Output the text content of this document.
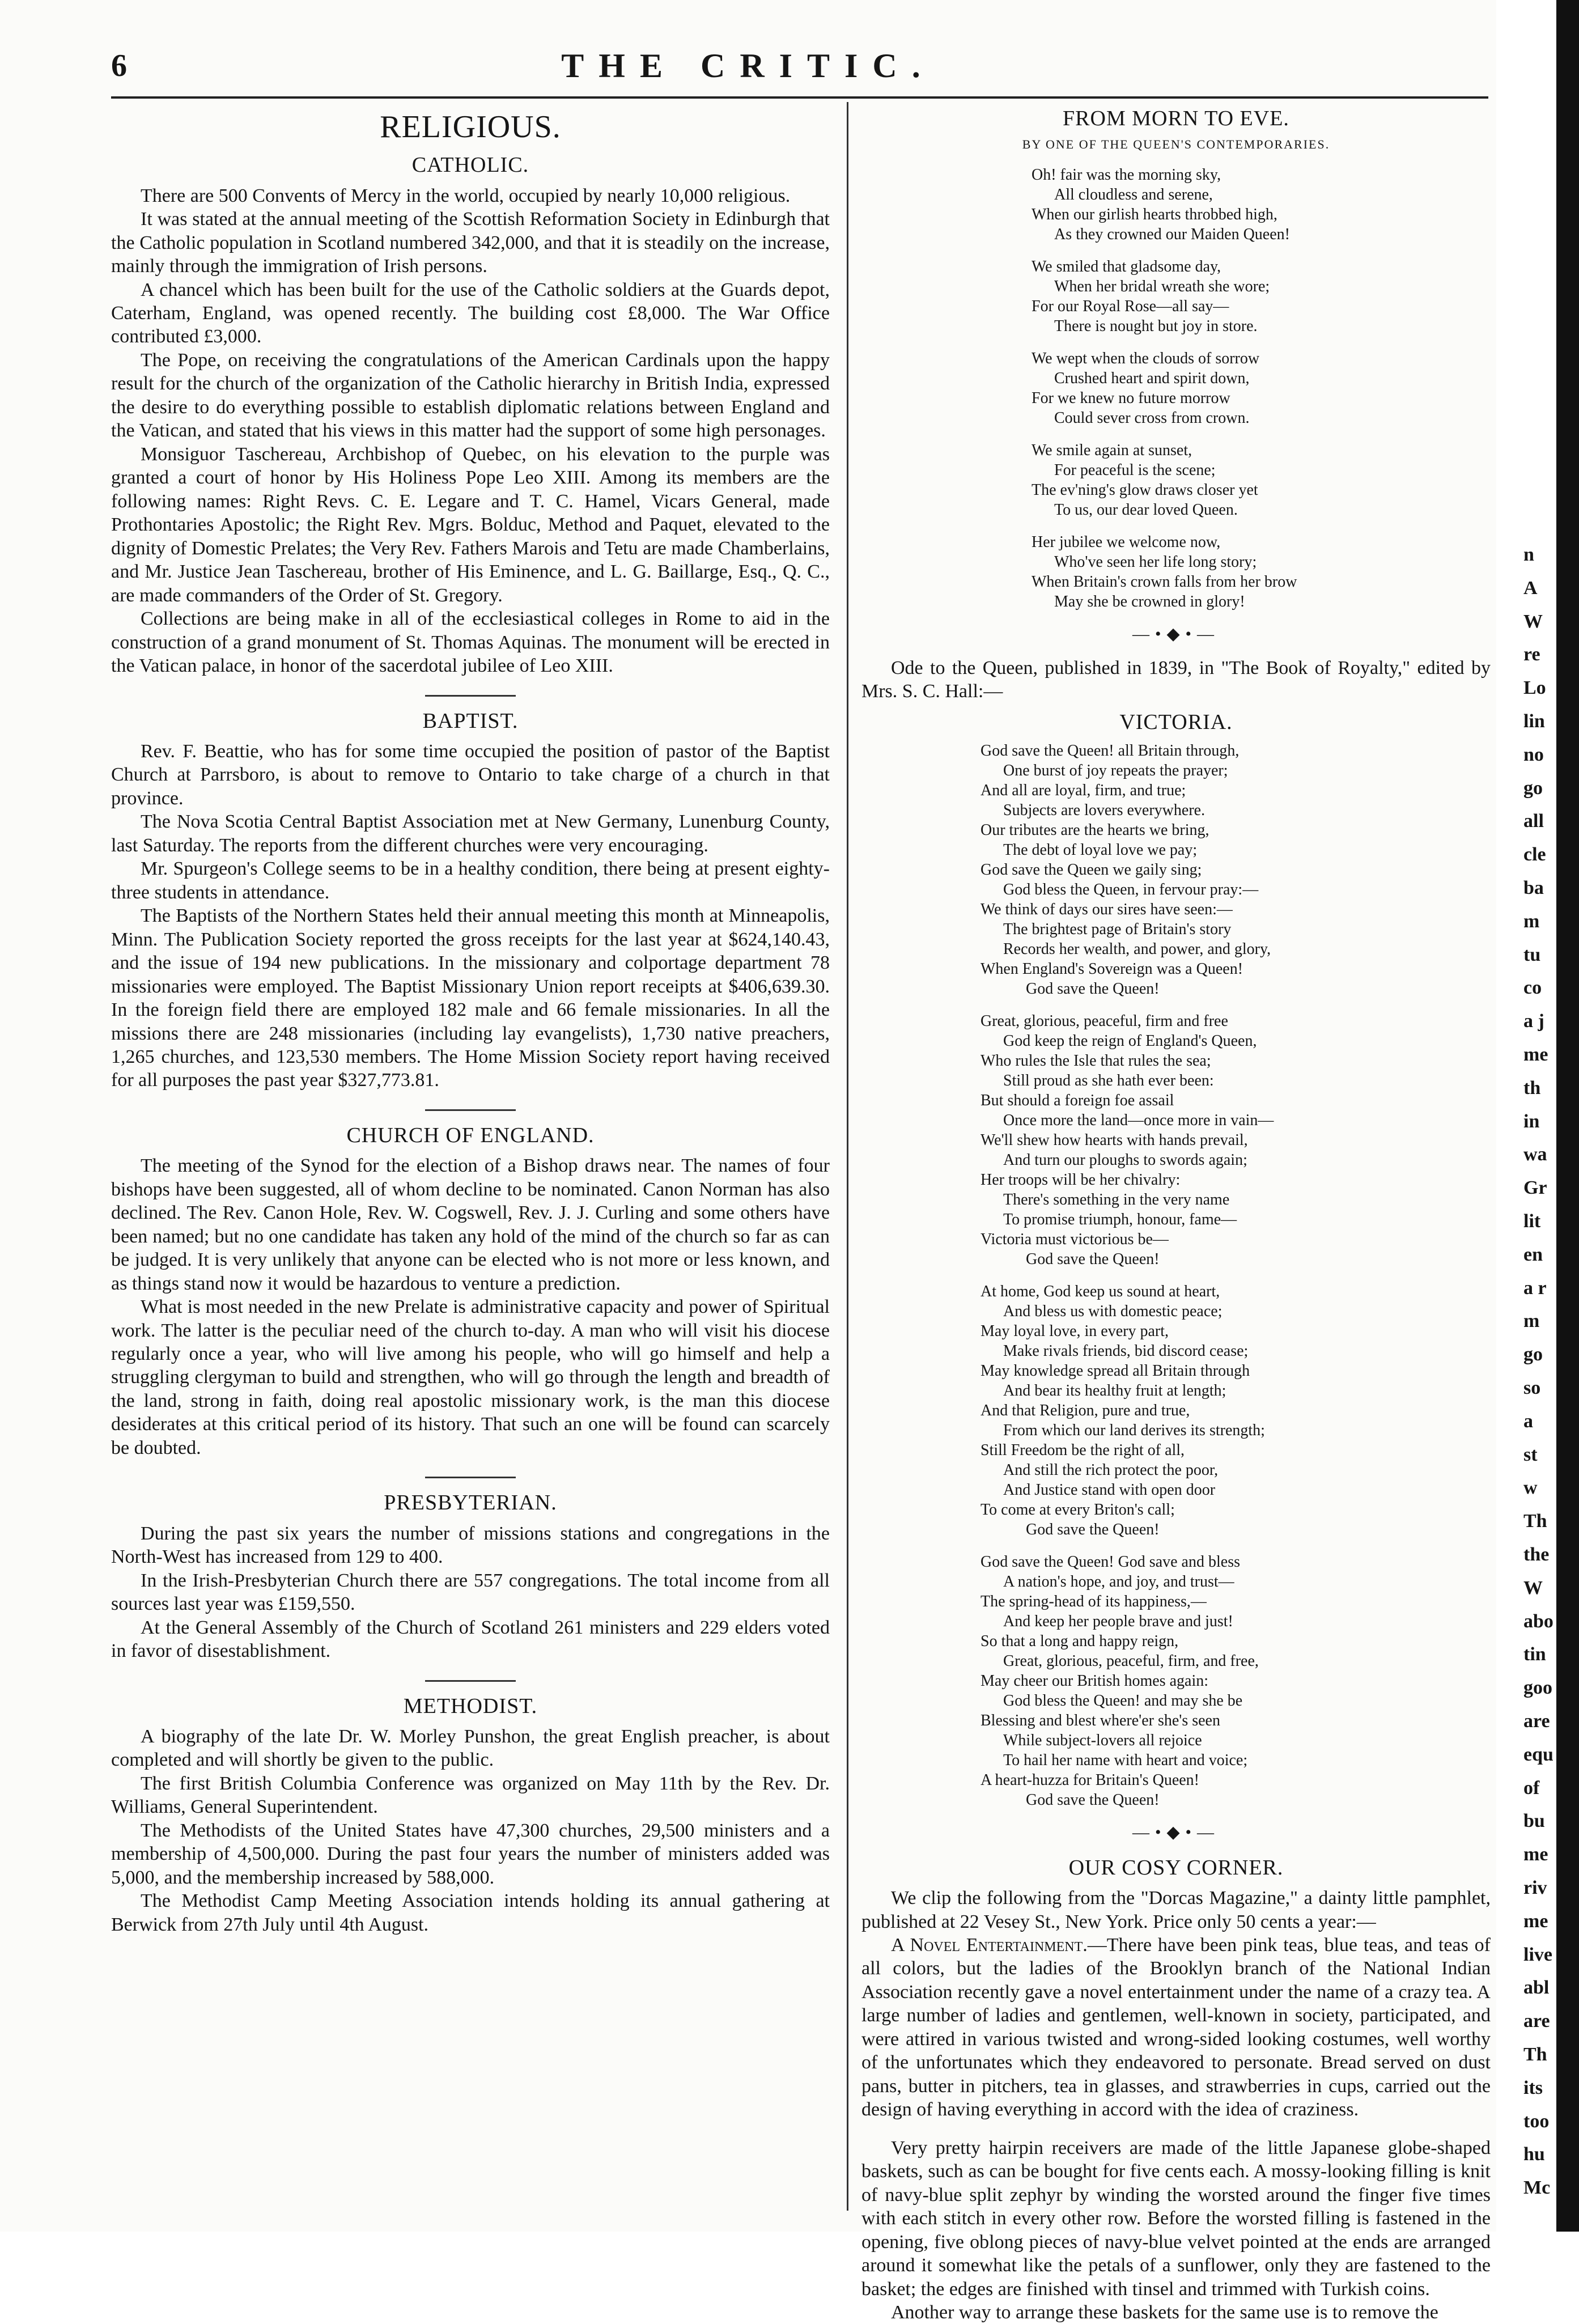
6	THE CRITIC.
RELIGIOUS.
CATHOLIC.

There are 500 Convents of Mercy in the world, occupied by nearly 10,000 religious.

It was stated at the annual meeting of the Scottish Reformation Society in Edinburgh that the Catholic population in Scotland numbered 342,000, and that it is steadily on the increase, mainly through the immigration of Irish persons.

A chancel which has been built for the use of the Catholic soldiers at the Guards depot, Caterham, England, was opened recently. The building cost £8,000. The War Office contributed £3,000.

The Pope, on receiving the congratulations of the American Cardinals upon the happy result for the church of the organization of the Catholic hierarchy in British India, expressed the desire to do everything possible to establish diplomatic relations between England and the Vatican, and stated that his views in this matter had the support of some high personages.

Monsiguor Taschereau, Archbishop of Quebec, on his elevation to the purple was granted a court of honor by His Holiness Pope Leo XIII. Among its members are the following names: Right Revs. C. E. Legare and T. C. Hamel, Vicars General, made Prothontaries Apostolic; the Right Rev. Mgrs. Bolduc, Method and Paquet, elevated to the dignity of Domestic Prelates; the Very Rev. Fathers Marois and Tetu are made Chamberlains, and Mr. Justice Jean Taschereau, brother of His Eminence, and L. G. Baillarge, Esq., Q. C., are made commanders of the Order of St. Gregory.

Collections are being make in all of the ecclesiastical colleges in Rome to aid in the construction of a grand monument of St. Thomas Aquinas. The monument will be erected in the Vatican palace, in honor of the sacerdotal jubilee of Leo XIII.

BAPTIST.

Rev. F. Beattie, who has for some time occupied the position of pastor of the Baptist Church at Parrsboro, is about to remove to Ontario to take charge of a church in that province.

The Nova Scotia Central Baptist Association met at New Germany, Lunenburg County, last Saturday. The reports from the different churches were very encouraging.

Mr. Spurgeon's College seems to be in a healthy condition, there being at present eighty-three students in attendance.

The Baptists of the Northern States held their annual meeting this month at Minneapolis, Minn. The Publication Society reported the gross receipts for the last year at $624,140.43, and the issue of 194 new publications. In the missionary and colportage department 78 missionaries were employed. The Baptist Missionary Union report receipts at $406,639.30. In the foreign field there are employed 182 male and 66 female missionaries. In all the missions there are 248 missionaries (including lay evangelists), 1,730 native preachers, 1,265 churches, and 123,530 members. The Home Mission Society report having received for all purposes the past year $327,773.81.

CHURCH OF ENGLAND.

The meeting of the Synod for the election of a Bishop draws near. The names of four bishops have been suggested, all of whom decline to be nominated. Canon Norman has also declined. The Rev. Canon Hole, Rev. W. Cogswell, Rev. J. J. Curling and some others have been named; but no one candidate has taken any hold of the mind of the church so far as can be judged. It is very unlikely that anyone can be elected who is not more or less known, and as things stand now it would be hazardous to venture a prediction.

What is most needed in the new Prelate is administrative capacity and power of Spiritual work. The latter is the peculiar need of the church to-day. A man who will visit his diocese regularly once a year, who will live among his people, who will go himself and help a struggling clergyman to build and strengthen, who will go through the length and breadth of the land, strong in faith, doing real apostolic missionary work, is the man this diocese desiderates at this critical period of its history. That such an one will be found can scarcely be doubted.

PRESBYTERIAN.

During the past six years the number of missions stations and congregations in the North-West has increased from 129 to 400.

In the Irish-Presbyterian Church there are 557 congregations. The total income from all sources last year was £159,550.

At the General Assembly of the Church of Scotland 261 ministers and 229 elders voted in favor of disestablishment.

METHODIST.

A biography of the late Dr. W. Morley Punshon, the great English preacher, is about completed and will shortly be given to the public.

The first British Columbia Conference was organized on May 11th by the Rev. Dr. Williams, General Superintendent.

The Methodists of the United States have 47,300 churches, 29,500 ministers and a membership of 4,500,000. During the past four years the number of ministers added was 5,000, and the membership increased by 588,000.

The Methodist Camp Meeting Association intends holding its annual gathering at Berwick from 27th July until 4th August.

FROM MORN TO EVE.
BY ONE OF THE QUEEN'S CONTEMPORARIES.
Oh! fair was the morning sky,
All cloudless and serene,
When our girlish hearts throbbed high,
As they crowned our Maiden Queen!
We smiled that gladsome day,
When her bridal wreath she wore;
For our Royal Rose—all say—
There is nought but joy in store.
We wept when the clouds of sorrow
Crushed heart and spirit down,
For we knew no future morrow
Could sever cross from crown.
We smile again at sunset,
For peaceful is the scene;
The ev'ning's glow draws closer yet
To us, our dear loved Queen.
Her jubilee we welcome now,
Who've seen her life long story;
When Britain's crown falls from her brow
May she be crowned in glory!
—•◆•—

Ode to the Queen, published in 1839, in "The Book of Royalty," edited by Mrs. S. C. Hall:—

VICTORIA.
God save the Queen! all Britain through,
One burst of joy repeats the prayer;
And all are loyal, firm, and true;
Subjects are lovers everywhere.
Our tributes are the hearts we bring,
The debt of loyal love we pay;
God save the Queen we gaily sing;
God bless the Queen, in fervour pray:—
We think of days our sires have seen:—
The brightest page of Britain's story
Records her wealth, and power, and glory,
When England's Sovereign was a Queen!
God save the Queen!
Great, glorious, peaceful, firm and free
God keep the reign of England's Queen,
Who rules the Isle that rules the sea;
Still proud as she hath ever been:
But should a foreign foe assail
Once more the land—once more in vain—
We'll shew how hearts with hands prevail,
And turn our ploughs to swords again;
Her troops will be her chivalry:
There's something in the very name
To promise triumph, honour, fame—
Victoria must victorious be—
God save the Queen!
At home, God keep us sound at heart,
And bless us with domestic peace;
May loyal love, in every part,
Make rivals friends, bid discord cease;
May knowledge spread all Britain through
And bear its healthy fruit at length;
And that Religion, pure and true,
From which our land derives its strength;
Still Freedom be the right of all,
And still the rich protect the poor,
And Justice stand with open door
To come at every Briton's call;
God save the Queen!
God save the Queen! God save and bless
A nation's hope, and joy, and trust—
The spring-head of its happiness,—
And keep her people brave and just!
So that a long and happy reign,
Great, glorious, peaceful, firm, and free,
May cheer our British homes again:
God bless the Queen! and may she be
Blessing and blest where'er she's seen
While subject-lovers all rejoice
To hail her name with heart and voice;
A heart-huzza for Britain's Queen!
God save the Queen!
—•◆•—
OUR COSY CORNER.

We clip the following from the "Dorcas Magazine," a dainty little pamphlet, published at 22 Vesey St., New York. Price only 50 cents a year:—

A Novel Entertainment.—There have been pink teas, blue teas, and teas of all colors, but the ladies of the Brooklyn branch of the National Indian Association recently gave a novel entertainment under the name of a crazy tea. A large number of ladies and gentlemen, well-known in society, participated, and were attired in various twisted and wrong-sided looking costumes, well worthy of the unfortunates which they endeavored to personate. Bread served on dust pans, butter in pitchers, tea in glasses, and strawberries in cups, carried out the design of having everything in accord with the idea of craziness.

Very pretty hairpin receivers are made of the little Japanese globe-shaped baskets, such as can be bought for five cents each. A mossy-looking filling is knit of navy-blue split zephyr by winding the worsted around the finger five times with each stitch in every other row. Before the worsted filling is fastened in the opening, five oblong pieces of navy-blue velvet pointed at the ends are arranged around it somewhat like the petals of a sunflower, only they are fastened to the basket; the edges are finished with tinsel and trimmed with Turkish coins.

Another way to arrange these baskets for the same use is to remove the

n
A
W
re
Lo
lin
no
go
all
cle
ba
m
tu
co
a j
me
th
in
wa
Gr
lit
en
a r
m
go
so
a
st
w
Th
the
W
abo
tin
goo
are
equ
of
bu
me
riv
me
live
abl
are
Th
its
too
hu
Mc
